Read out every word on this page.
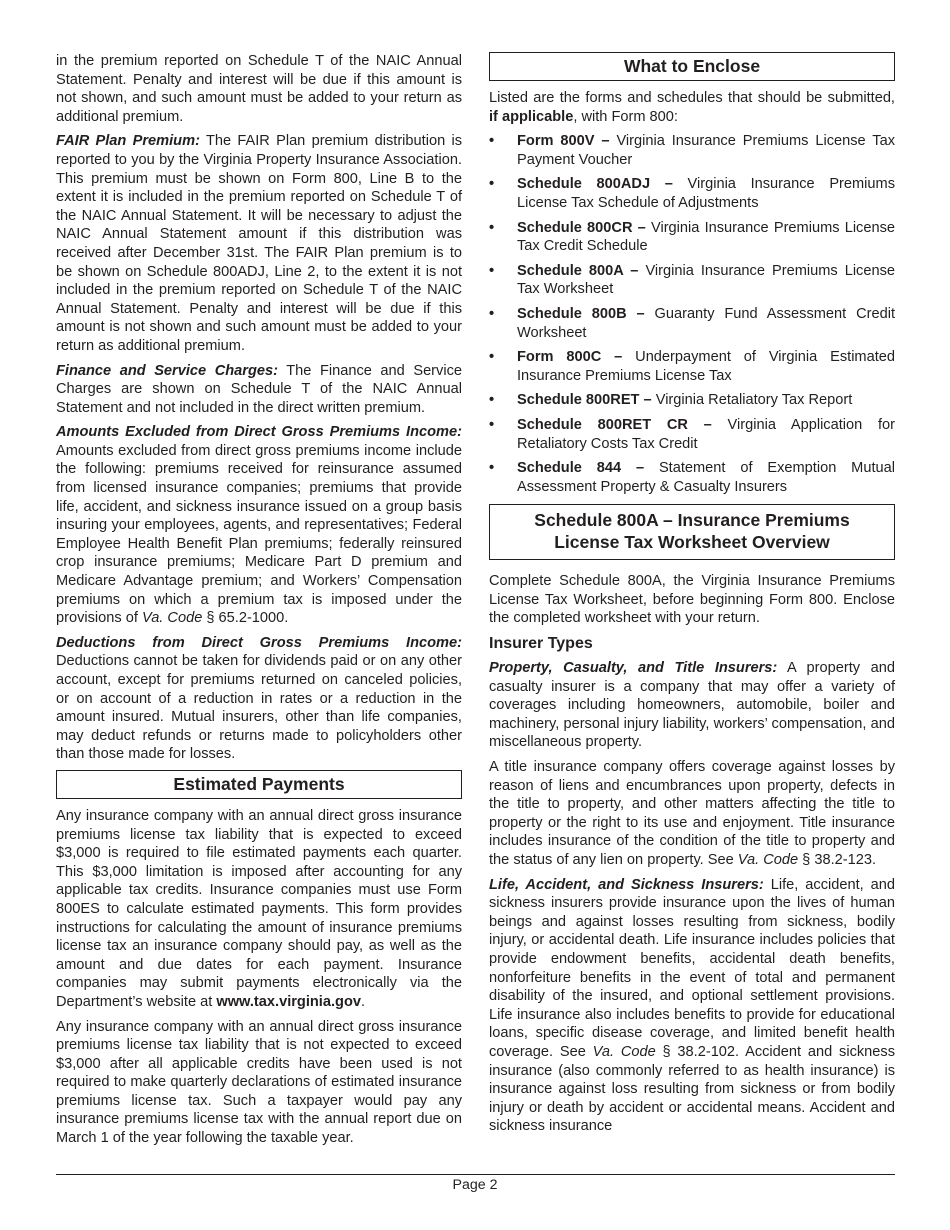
in the premium reported on Schedule T of the NAIC Annual Statement. Penalty and interest will be due if this amount is not shown, and such amount must be added to your return as additional premium.

FAIR Plan Premium: The FAIR Plan premium distribution is reported to you by the Virginia Property Insurance Association. This premium must be shown on Form 800, Line B to the extent it is included in the premium reported on Schedule T of the NAIC Annual Statement. It will be necessary to adjust the NAIC Annual Statement amount if this distribution was received after December 31st. The FAIR Plan premium is to be shown on Schedule 800ADJ, Line 2, to the extent it is not included in the premium reported on Schedule T of the NAIC Annual Statement. Penalty and interest will be due if this amount is not shown and such amount must be added to your return as additional premium.

Finance and Service Charges: The Finance and Service Charges are shown on Schedule T of the NAIC Annual Statement and not included in the direct written premium.

Amounts Excluded from Direct Gross Premiums Income: Amounts excluded from direct gross premiums income include the following: premiums received for reinsurance assumed from licensed insurance companies; premiums that provide life, accident, and sickness insurance issued on a group basis insuring your employees, agents, and representatives; Federal Employee Health Benefit Plan premiums; federally reinsured crop insurance premiums; Medicare Part D premium and Medicare Advantage premium; and Workers’ Compensation premiums on which a premium tax is imposed under the provisions of Va. Code § 65.2-1000.

Deductions from Direct Gross Premiums Income: Deductions cannot be taken for dividends paid or on any other account, except for premiums returned on canceled policies, or on account of a reduction in rates or a reduction in the amount insured. Mutual insurers, other than life companies, may deduct refunds or returns made to policyholders other than those made for losses.

Estimated Payments

Any insurance company with an annual direct gross insurance premiums license tax liability that is expected to exceed $3,000 is required to file estimated payments each quarter. This $3,000 limitation is imposed after accounting for any applicable tax credits. Insurance companies must use Form 800ES to calculate estimated payments. This form provides instructions for calculating the amount of insurance premiums license tax an insurance company should pay, as well as the amount and due dates for each payment. Insurance companies may submit payments electronically via the Department’s website at www.tax.virginia.gov.

Any insurance company with an annual direct gross insurance premiums license tax liability that is not expected to exceed $3,000 after all applicable credits have been used is not required to make quarterly declarations of estimated insurance premiums license tax. Such a taxpayer would pay any insurance premiums license tax with the annual report due on March 1 of the year following the taxable year.

What to Enclose

Listed are the forms and schedules that should be submitted, if applicable, with Form 800:

• Form 800V – Virginia Insurance Premiums License Tax Payment Voucher
• Schedule 800ADJ – Virginia Insurance Premiums License Tax Schedule of Adjustments
• Schedule 800CR – Virginia Insurance Premiums License Tax Credit Schedule
• Schedule 800A – Virginia Insurance Premiums License Tax Worksheet
• Schedule 800B – Guaranty Fund Assessment Credit Worksheet
• Form 800C – Underpayment of Virginia Estimated Insurance Premiums License Tax
• Schedule 800RET – Virginia Retaliatory Tax Report
• Schedule 800RET CR – Virginia Application for Retaliatory Costs Tax Credit
• Schedule 844 – Statement of Exemption Mutual Assessment Property & Casualty Insurers
Schedule 800A – Insurance Premiums
License Tax Worksheet Overview

Complete Schedule 800A, the Virginia Insurance Premiums License Tax Worksheet, before beginning Form 800. Enclose the completed worksheet with your return.

Insurer Types

Property, Casualty, and Title Insurers: A property and casualty insurer is a company that may offer a variety of coverages including homeowners, automobile, boiler and machinery, personal injury liability, workers’ compensation, and miscellaneous property.

A title insurance company offers coverage against losses by reason of liens and encumbrances upon property, defects in the title to property, and other matters affecting the title to property or the right to its use and enjoyment. Title insurance includes insurance of the condition of the title to property and the status of any lien on property. See Va. Code § 38.2-123.

Life, Accident, and Sickness Insurers: Life, accident, and sickness insurers provide insurance upon the lives of human beings and against losses resulting from sickness, bodily injury, or accidental death. Life insurance includes policies that provide endowment benefits, accidental death benefits, nonforfeiture benefits in the event of total and permanent disability of the insured, and optional settlement provisions. Life insurance also includes benefits to provide for educational loans, specific disease coverage, and limited benefit health coverage. See Va. Code § 38.2-102. Accident and sickness insurance (also commonly referred to as health insurance) is insurance against loss resulting from sickness or from bodily injury or death by accident or accidental means. Accident and sickness insurance

Page 2
